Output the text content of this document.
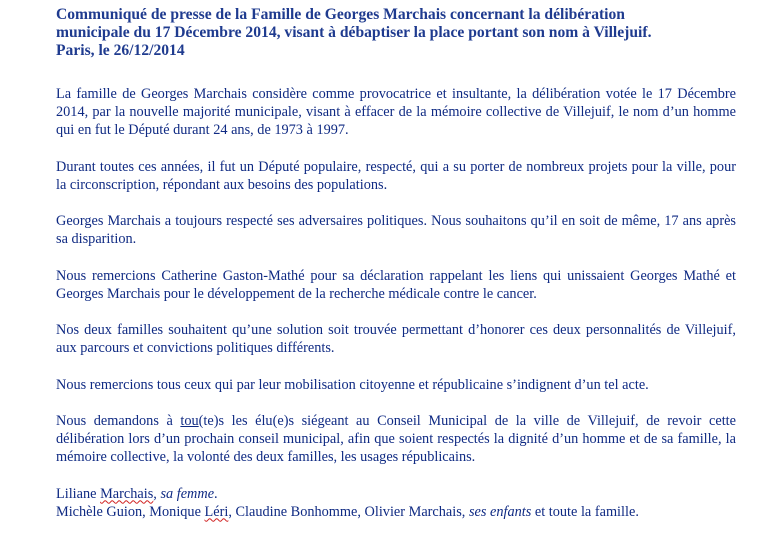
Communiqué de presse de la Famille de Georges Marchais concernant la délibération
municipale du 17 Décembre 2014, visant à débaptiser la place portant son nom à Villejuif.
Paris, le 26/12/2014

La famille de Georges Marchais considère comme provocatrice et insultante, la délibération votée le 17 Décembre 2014, par la nouvelle majorité municipale, visant à effacer de la mémoire collective de Villejuif, le nom d’un homme qui en fut le Député durant 24 ans, de 1973 à 1997.

Durant toutes ces années, il fut un Député populaire, respecté, qui a su porter de nombreux projets pour la ville, pour la circonscription, répondant aux besoins des populations.

Georges Marchais a toujours respecté ses adversaires politiques. Nous souhaitons qu’il en soit de même, 17 ans après sa disparition.

Nous remercions Catherine Gaston-Mathé pour sa déclaration rappelant les liens qui unissaient Georges Mathé et Georges Marchais pour le développement de la recherche médicale contre le cancer.

Nos deux familles souhaitent qu’une solution soit trouvée permettant d’honorer ces deux personnalités de Villejuif, aux parcours et convictions politiques différents.

Nous remercions tous ceux qui par leur mobilisation citoyenne et républicaine s’indignent d’un tel acte.

Nous demandons à tou(te)s les élu(e)s siégeant au Conseil Municipal de la ville de Villejuif, de revoir cette délibération lors d’un prochain conseil municipal, afin que soient respectés la dignité d’un homme et de sa famille, la mémoire collective, la volonté des deux familles, les usages républicains.

Liliane Marchais, sa femme.
Michèle Guion, Monique Léri, Claudine Bonhomme, Olivier Marchais, ses enfants et toute la famille.
